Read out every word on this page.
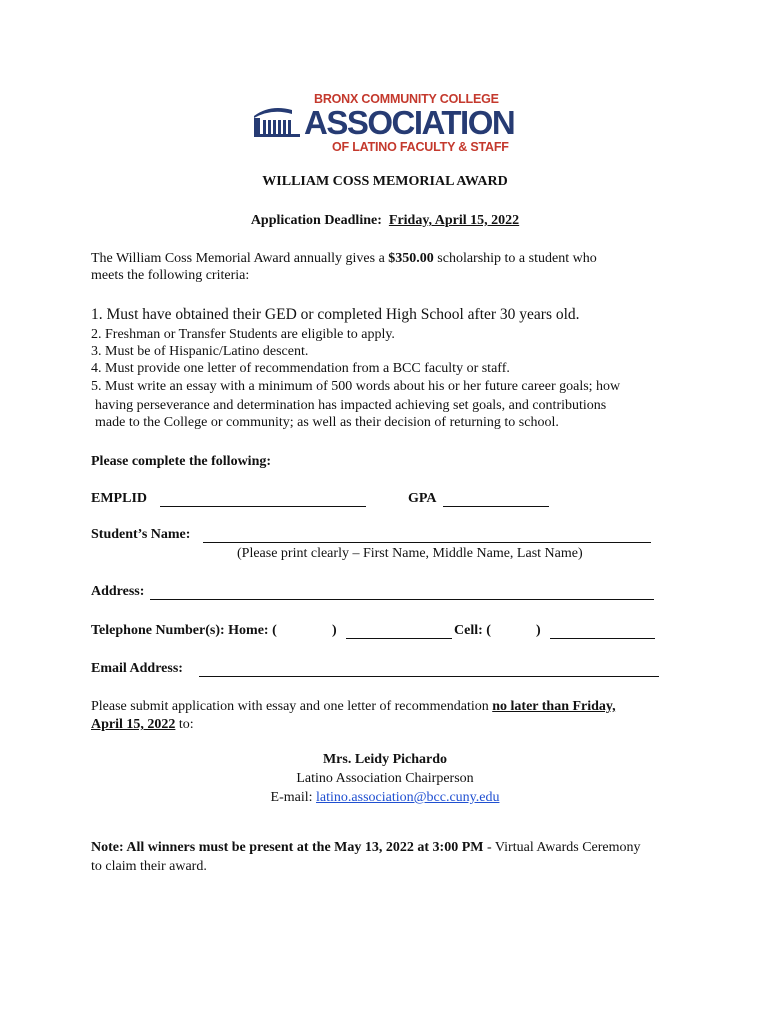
BRONX COMMUNITY COLLEGE
ASSOCIATION
OF LATINO FACULTY & STAFF
WILLIAM COSS MEMORIAL AWARD
Application Deadline: Friday, April 15, 2022
The William Coss Memorial Award annually gives a $350.00 scholarship to a student who
meets the following criteria:
1. Must have obtained their GED or completed High School after 30 years old.
2. Freshman or Transfer Students are eligible to apply.
3. Must be of Hispanic/Latino descent.
4. Must provide one letter of recommendation from a BCC faculty or staff.
5. Must write an essay with a minimum of 500 words about his or her future career goals; how
having perseverance and determination has impacted achieving set goals, and contributions
made to the College or community; as well as their decision of returning to school.
Please complete the following:
EMPLID	GPA
Student’s Name:
(Please print clearly – First Name, Middle Name, Last Name)
Address:
Telephone Number(s): Home: (	)	Cell: (	)
Email Address:
Please submit application with essay and one letter of recommendation no later than Friday,
April 15, 2022 to:
Mrs. Leidy Pichardo
Latino Association Chairperson
E-mail: latino.association@bcc.cuny.edu
Note: All winners must be present at the May 13, 2022 at 3:00 PM - Virtual Awards Ceremony
to claim their award.
